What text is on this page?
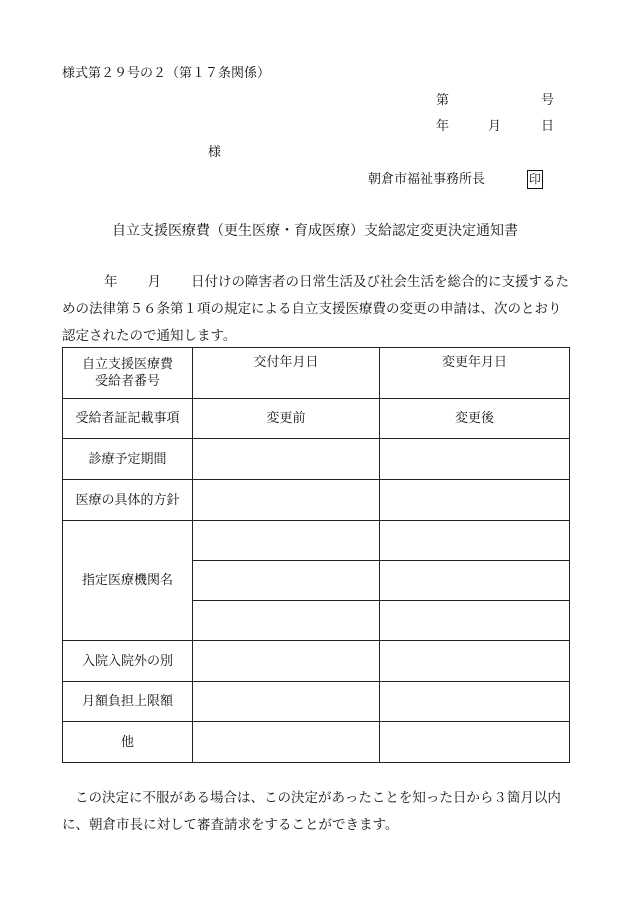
様式第２９号の２（第１７条関係）
第	号
年	月	日
様
朝倉市福祉事務所長	印
自立支援医療費（更生医療・育成医療）支給認定変更決定通知書
年 月 日付けの障害者の日常生活及び社会生活を総合的に支援するための法律第５６条第１項の規定による自立支援医療費の変更の申請は、次のとおり認定されたので通知します。
自立支援医療費
受給者番号	交付年月日	変更年月日
受給者証記載事項	変更前	変更後
診療予定期間		
医療の具体的方針		
指定医療機関名		

入院入院外の別		
月額負担上限額		
他		
この決定に不服がある場合は、この決定があったことを知った日から３箇月以内に、朝倉市長に対して審査請求をすることができます。
